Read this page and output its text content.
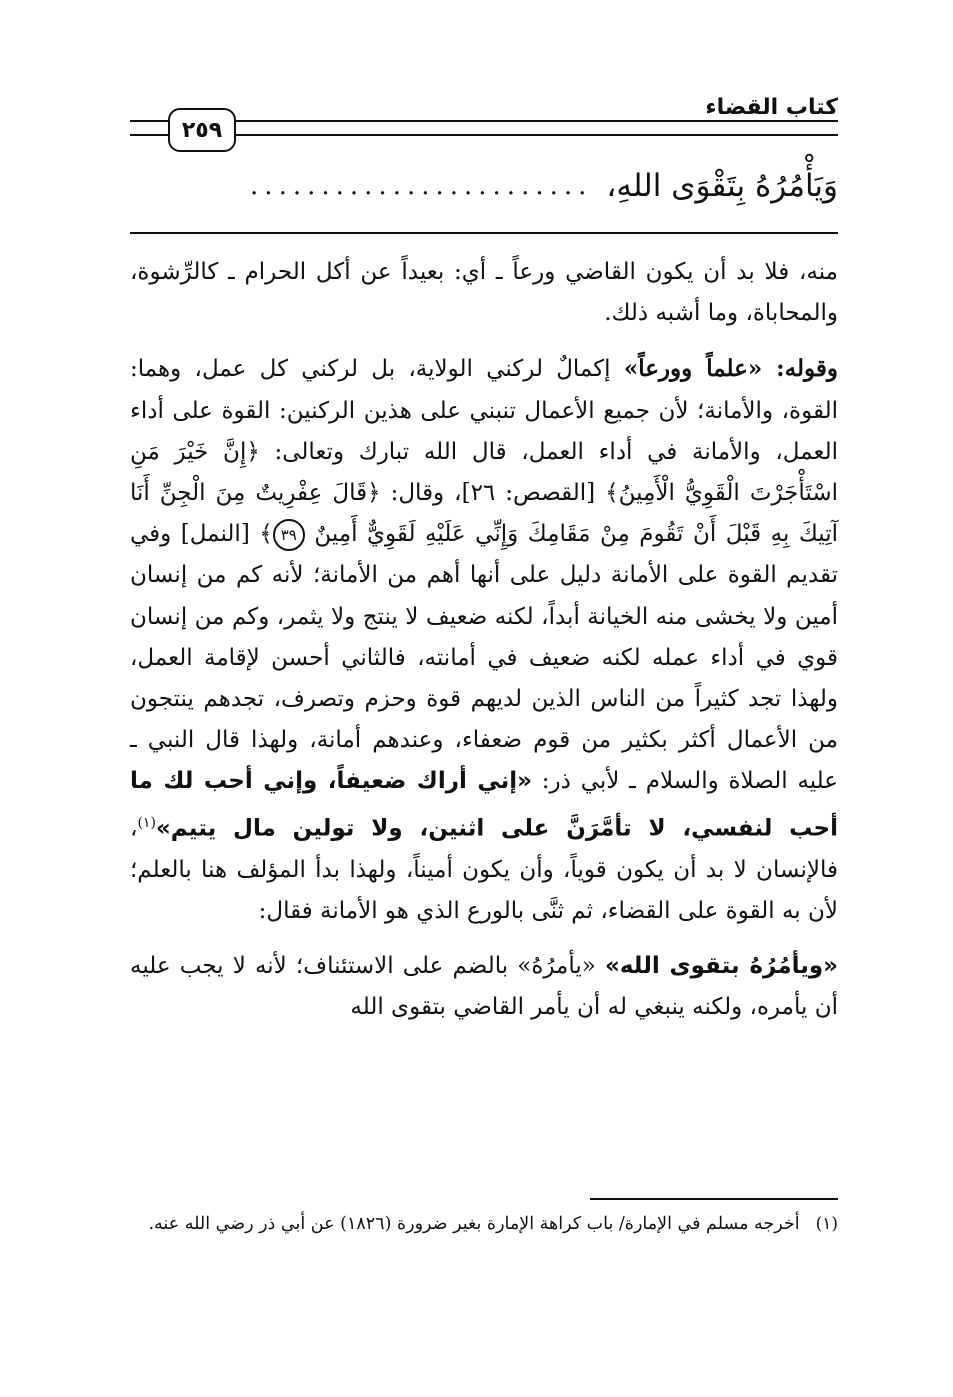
كتاب القضاء
٢٥٩
وَيَأْمُرُهُ بِتَقْوَى اللهِ،
........................

منه، فلا بد أن يكون القاضي ورعاً ـ أي: بعيداً عن أكل الحرام ـ كالرِّشوة، والمحاباة، وما أشبه ذلك.

وقوله: «علماً وورعاً» إكمالٌ لركني الولاية، بل لركني كل عمل، وهما: القوة، والأمانة؛ لأن جميع الأعمال تنبني على هذين الركنين: القوة على أداء العمل، والأمانة في أداء العمل، قال الله تبارك وتعالى: ﴿إِنَّ خَيْرَ مَنِ اسْتَأْجَرْتَ الْقَوِيُّ الْأَمِينُ﴾ [القصص: ٢٦]، وقال: ﴿قَالَ عِفْرِيتٌ مِنَ الْجِنِّ أَنَا آتِيكَ بِهِ قَبْلَ أَنْ تَقُومَ مِنْ مَقَامِكَ وَإِنِّي عَلَيْهِ لَقَوِيٌّ أَمِينٌ ٣٩﴾ [النمل] وفي تقديم القوة على الأمانة دليل على أنها أهم من الأمانة؛ لأنه كم من إنسان أمين ولا يخشى منه الخيانة أبداً، لكنه ضعيف لا ينتج ولا يثمر، وكم من إنسان قوي في أداء عمله لكنه ضعيف في أمانته، فالثاني أحسن لإقامة العمل، ولهذا تجد كثيراً من الناس الذين لديهم قوة وحزم وتصرف، تجدهم ينتجون من الأعمال أكثر بكثير من قوم ضعفاء، وعندهم أمانة، ولهذا قال النبي ـ عليه الصلاة والسلام ـ لأبي ذر: «إني أراك ضعيفاً، وإني أحب لك ما أحب لنفسي، لا تأمَّرَنَّ على اثنين، ولا تولين مال يتيم»$^{(١)}$، فالإنسان لا بد أن يكون قوياً، وأن يكون أميناً، ولهذا بدأ المؤلف هنا بالعلم؛ لأن به القوة على القضاء، ثم ثنَّى بالورع الذي هو الأمانة فقال:

«ويأمُرُهُ بتقوى الله» «يأمرُهُ» بالضم على الاستئناف؛ لأنه لا يجب عليه أن يأمره، ولكنه ينبغي له أن يأمر القاضي بتقوى الله

(١)أخرجه مسلم في الإمارة/ باب كراهة الإمارة بغير ضرورة (١٨٢٦) عن أبي ذر رضي الله عنه.
